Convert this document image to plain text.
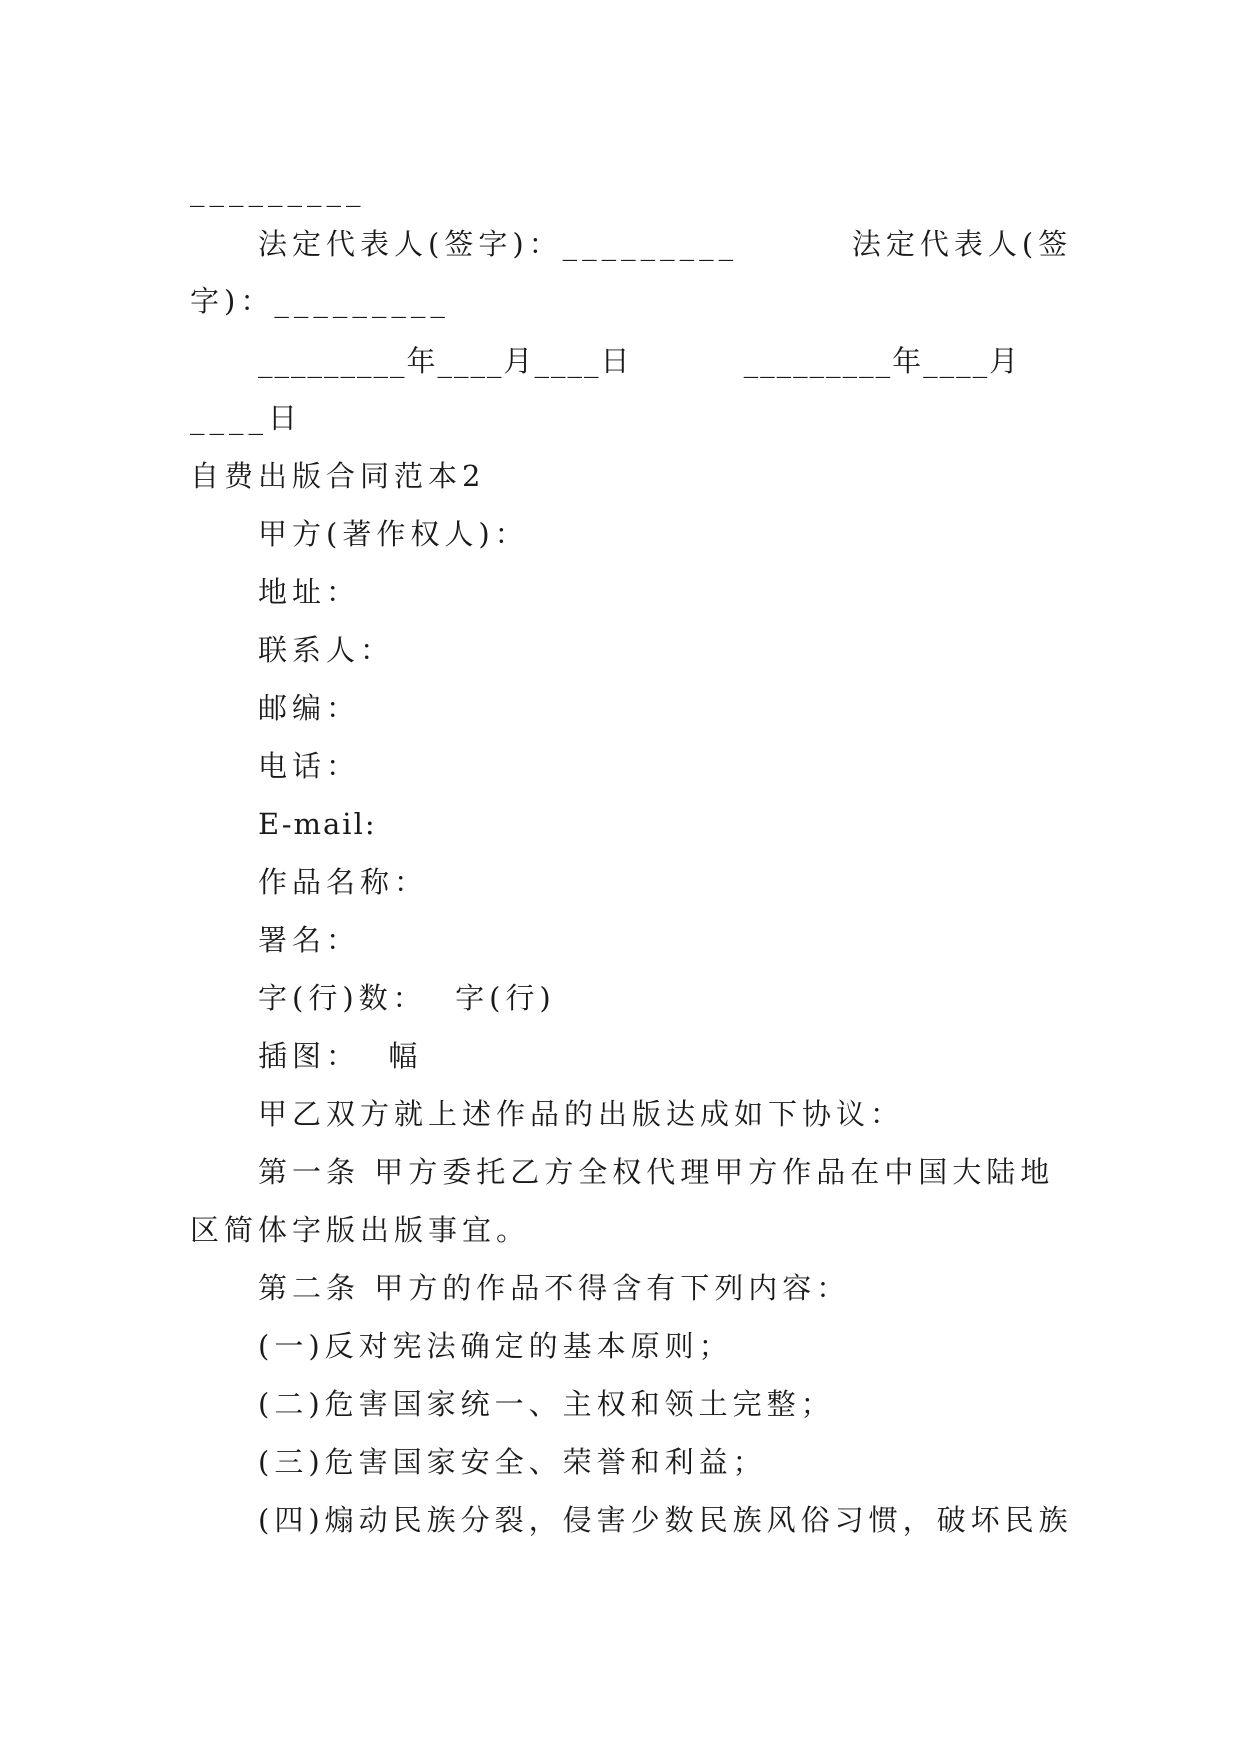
_________
法定代表人(签字)：_________        法定代表人(签
字)：_________
_________年____月____日          _________年____月
____日
自费出版合同范本2
甲方(著作权人)：
地址：
联系人：
邮编：
电话：
E-mail:
作品名称：
署名：
字(行)数：  字(行)
插图：  幅
甲乙双方就上述作品的出版达成如下协议：
第一条 甲方委托乙方全权代理甲方作品在中国大陆地
区简体字版出版事宜。
第二条 甲方的作品不得含有下列内容：
(一)反对宪法确定的基本原则；
(二)危害国家统一、主权和领土完整；
(三)危害国家安全、荣誉和利益；
(四)煽动民族分裂，侵害少数民族风俗习惯，破坏民族
